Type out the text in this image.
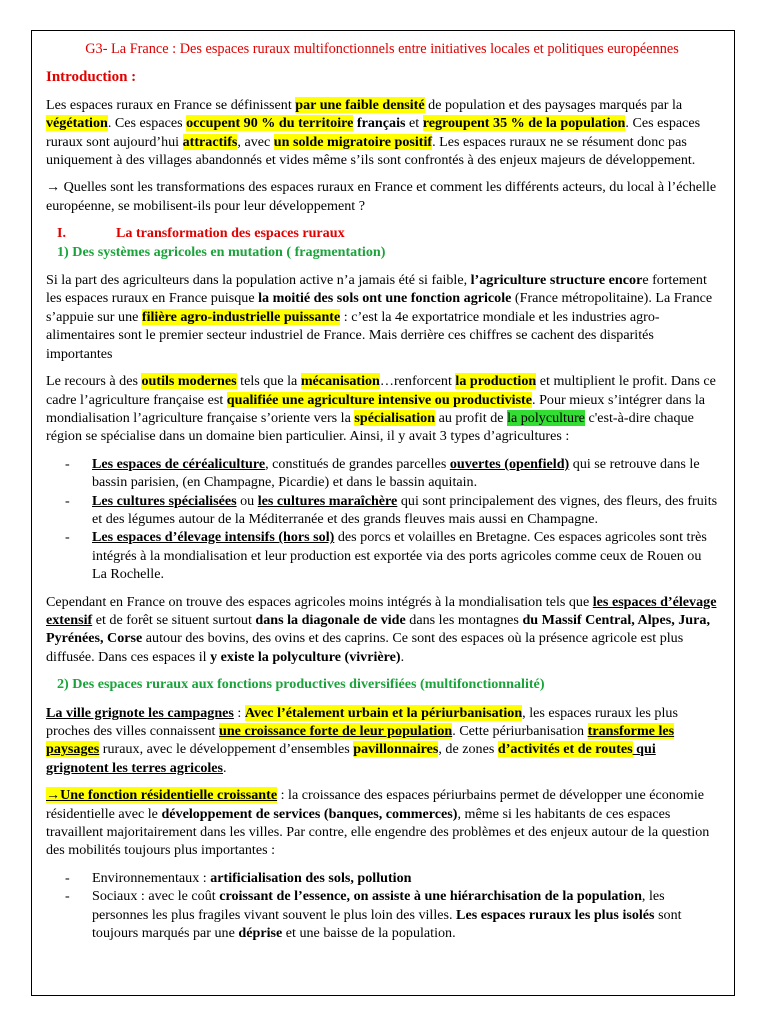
G3- La France : Des espaces ruraux multifonctionnels entre initiatives locales et politiques européennes

Introduction :

Les espaces ruraux en France se définissent par une faible densité de population et des paysages marqués par la végétation. Ces espaces occupent 90 % du territoire français et regroupent 35 % de la population. Ces espaces ruraux sont aujourd’hui attractifs, avec un solde migratoire positif. Les espaces ruraux ne se résument donc pas uniquement à des villages abandonnés et vides même s’ils sont confrontés à des enjeux majeurs de développement.

→ Quelles sont les transformations des espaces ruraux en France et comment les différents acteurs, du local à l’échelle européenne, se mobilisent-ils pour leur développement ?

I.	La transformation des espaces ruraux

1) Des systèmes agricoles en mutation ( fragmentation)

Si la part des agriculteurs dans la population active n’a jamais été si faible, l’agriculture structure encore fortement les espaces ruraux en France puisque la moitié des sols ont une fonction agricole (France métropolitaine). La France s’appuie sur une filière agro-industrielle puissante : c’est la 4e exportatrice mondiale et les industries agro-alimentaires sont le premier secteur industriel de France. Mais derrière ces chiffres se cachent des disparités importantes

Le recours à des outils modernes tels que la mécanisation…renforcent la production et multiplient le profit. Dans ce cadre l’agriculture française est qualifiée une agriculture intensive ou productiviste. Pour mieux s’intégrer dans la mondialisation l’agriculture française s’oriente vers la spécialisation au profit de la polyculture c'est-à-dire chaque région se spécialise dans un domaine bien particulier. Ainsi, il y avait 3 types d’agricultures :

- Les espaces de céréaliculture, constitués de grandes parcelles ouvertes (openfield) qui se retrouve dans le bassin parisien, (en Champagne, Picardie) et dans le bassin aquitain.
- Les cultures spécialisées ou les cultures maraîchère qui sont principalement des vignes, des fleurs, des fruits et des légumes autour de la Méditerranée et des grands fleuves mais aussi en Champagne.
- Les espaces d’élevage intensifs (hors sol) des porcs et volailles en Bretagne. Ces espaces agricoles sont très intégrés à la mondialisation et leur production est exportée via des ports agricoles comme ceux de Rouen ou La Rochelle.

Cependant en France on trouve des espaces agricoles moins intégrés à la mondialisation tels que les espaces d’élevage extensif et de forêt se situent surtout dans la diagonale de vide dans les montagnes du Massif Central, Alpes, Jura, Pyrénées, Corse autour des bovins, des ovins et des caprins. Ce sont des espaces où la présence agricole est plus diffusée. Dans ces espaces il y existe la polyculture (vivrière).

2) Des espaces ruraux aux fonctions productives diversifiées (multifonctionnalité)

La ville grignote les campagnes : Avec l’étalement urbain et la périurbanisation, les espaces ruraux les plus proches des villes connaissent une croissance forte de leur population. Cette périurbanisation transforme les paysages ruraux, avec le développement d’ensembles pavillonnaires, de zones d’activités et de routes qui grignotent les terres agricoles.

→Une fonction résidentielle croissante : la croissance des espaces périurbains permet de développer une économie résidentielle avec le développement de services (banques, commerces), même si les habitants de ces espaces travaillent majoritairement dans les villes. Par contre, elle engendre des problèmes et des enjeux autour de la question des mobilités toujours plus importantes :

- Environnementaux : artificialisation des sols, pollution
- Sociaux : avec le coût croissant de l’essence, on assiste à une hiérarchisation de la population, les personnes les plus fragiles vivant souvent le plus loin des villes. Les espaces ruraux les plus isolés sont toujours marqués par une déprise et une baisse de la population.
